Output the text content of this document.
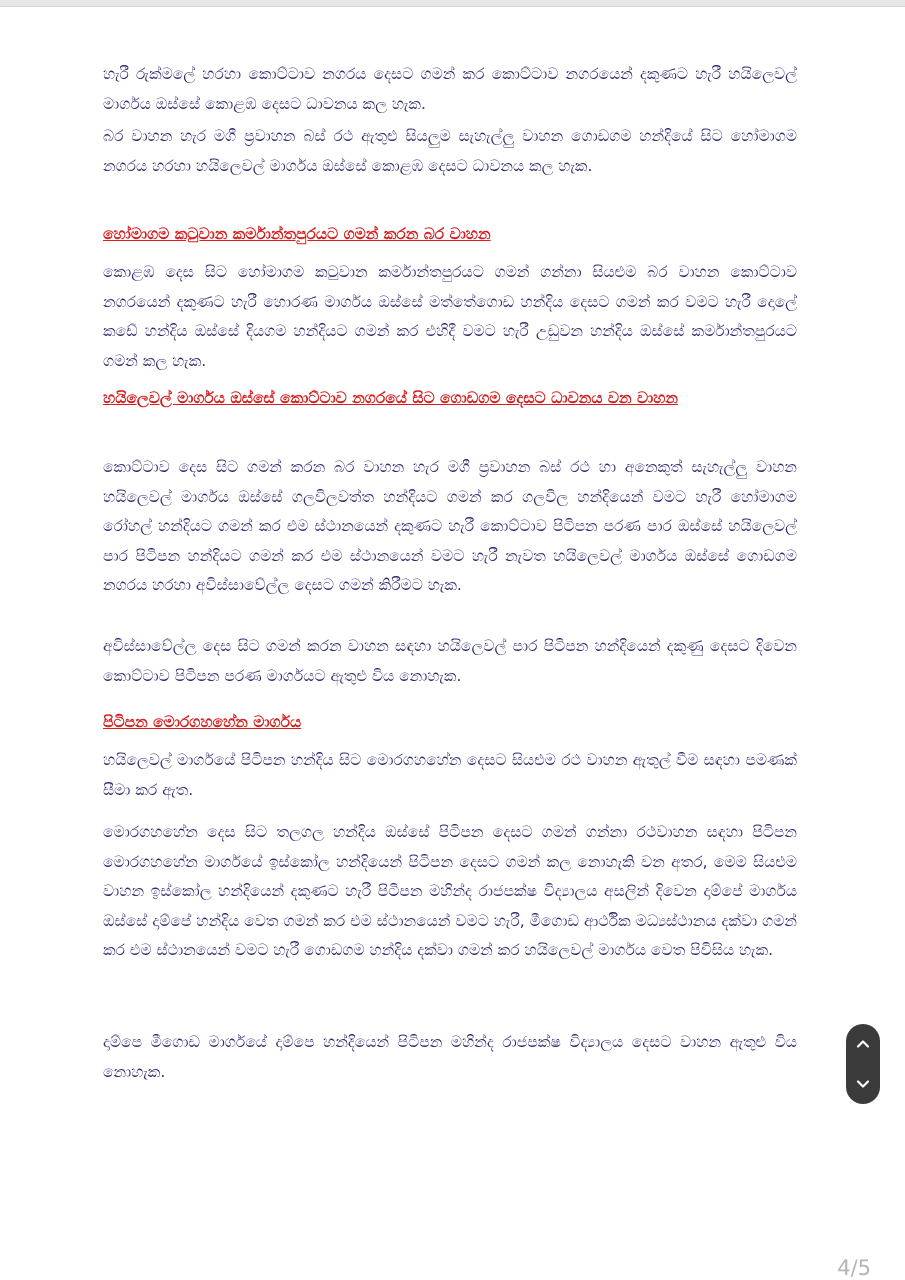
හැරී රුක්මලේ හරහා කොට්ටාව නගරය දෙසට ගමන් කර කොට්ටාව නගරයෙන් දකුණට හැරී හයිලෙවල් මාර්ගය ඔස්සේ කොළඹ දෙසට ධාවනය කල හැක.

බර වාහන හැර මගී ප්‍රවාහන බස් රථ ඇතුළු සියලුම සැහැල්ලු වාහන ගොඩගම හන්දියේ සිට හෝමාගම නගරය හරහා හයිලෙවල් මාර්ගය ඔස්සේ කොළඹ දෙසට ධාවනය කල හැක.

හෝමාගම කටුවාන කර්මාන්තපුරයට ගමන් කරන බර වාහන

කොළඹ දෙස සිට හෝමාගම කටුවාන කර්මාන්තපුරයට ගමන් ගන්නා සියළුම බර වාහන කොට්ටාව නගරයෙන් දකුණට හැරී හොරණ මාර්ගය ඔස්සේ මත්තේගොඩ හන්දිය දෙසට ගමන් කර වමට හැරී දොලේ කඩේ හන්දිය ඔස්සේ දියගම හන්දියට ගමන් කර එහිදී වමට හැරී උඩුවන හන්දිය ඔස්සේ කර්මාන්තපුරයට ගමන් කල හැක.

හයිලෙවල් මාර්ගය ඔස්සේ කොට්ටාව නගරයේ සිට ගොඩගම දෙසට ධාවනය වන වාහන

කොට්ටාව දෙස සිට ගමන් කරන බර වාහන හැර මගී ප්‍රවාහන බස් රථ හා අනෙකුත් සැහැල්ලු වාහන හයිලෙවල් මාර්ගය ඔස්සේ ගලවිලවත්ත හන්දියට ගමන් කර ගලවිල හන්දියෙන් වමට හැරී හෝමාගම රෝහල් හන්දියට ගමන් කර එම ස්ථානයෙන් දකුණට හැරී කොට්ටාව පිටිපන පරණ පාර ඔස්සේ හයිලෙවල් පාර පිටිපන හන්දියට ගමන් කර එම ස්ථානයෙන් වමට හැරී නැවත හයිලෙවල් මාර්ගය ඔස්සේ ගොඩගම නගරය හරහා අවිස්සාවේල්ල දෙසට ගමන් කිරීමට හැක.

අවිස්සාවේල්ල දෙස සිට ගමන් කරන වාහන සඳහා හයිලෙවල් පාර පිටිපන හන්දියෙන් දකුණු දෙසට දිවෙන කොට්ටාව පිටිපන පරණ මාර්ගයට ඇතුළු විය නොහැක.

පිටිපන මොරගහහේන මාර්ගය

හයිලෙවල් මාර්ගයේ පිටිපන හන්දිය සිට මොරගහහේන දෙසට සියළුම රථ වාහන ඇතුල් වීම සඳහා පමණක් සීමා කර ඇත.

මොරගහහේන දෙස සිට තලගල හන්දිය ඔස්සේ පිටිපන දෙසට ගමන් ගන්නා රථවාහන සඳහා පිටිපන මොරගහහේන මාර්ගයේ ඉස්කෝල හන්දියෙන් පිටිපන දෙසට ගමන් කල නොහැකි වන අතර, මෙම සියළුම වාහන ඉස්කෝල හන්දියෙන් දකුණට හැරී පිටිපන මහින්ද රාජපක්ෂ විද්‍යාලය අසලින් දිවෙන දාම්පේ මාර්ගය ඔස්සේ දාම්පේ හන්දිය වෙත ගමන් කර එම ස්ථානයෙන් වමට හැරී, මීගොඩ ආර්ථික මධ්‍යස්ථානය දක්වා ගමන් කර එම ස්ථානයෙන් වමට හැරී ගොඩගම හන්දිය දක්වා ගමන් කර හයිලෙවල් මාර්ගය වෙත පිවිසිය හැක.

දාම්පෙ මීගොඩ මාර්ගයේ දාම්පෙ හන්දියෙන් පිටිපන මහින්ද රාජපක්ෂ විද්‍යාලය දෙසට වාහන ඇතුළු විය නොහැක.

4/5
